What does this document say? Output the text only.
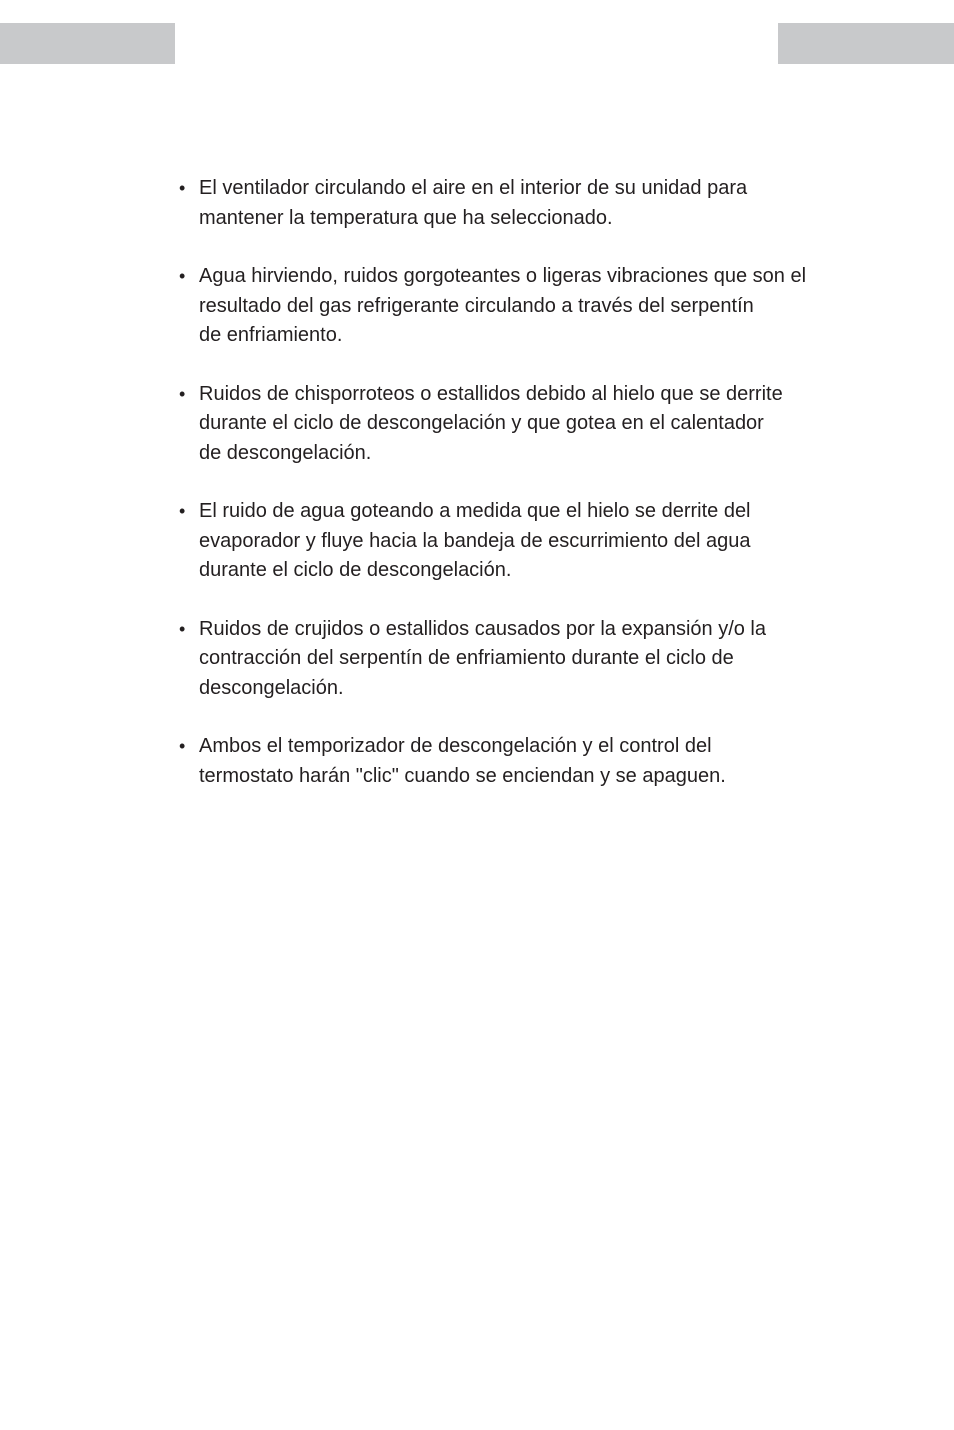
• El ventilador circulando el aire en el interior de su unidad para
mantener la temperatura que ha seleccionado.
• Agua hirviendo, ruidos gorgoteantes o ligeras vibraciones que son el
resultado del gas refrigerante circulando a través del serpentín
de enfriamiento.
• Ruidos de chisporroteos o estallidos debido al hielo que se derrite
durante el ciclo de descongelación y que gotea en el calentador
de descongelación.
• El ruido de agua goteando a medida que el hielo se derrite del
evaporador y fluye hacia la bandeja de escurrimiento del agua
durante el ciclo de descongelación.
• Ruidos de crujidos o estallidos causados por la expansión y/o la
contracción del serpentín de enfriamiento durante el ciclo de
descongelación.
• Ambos el temporizador de descongelación y el control del
termostato harán "clic" cuando se enciendan y se apaguen.
